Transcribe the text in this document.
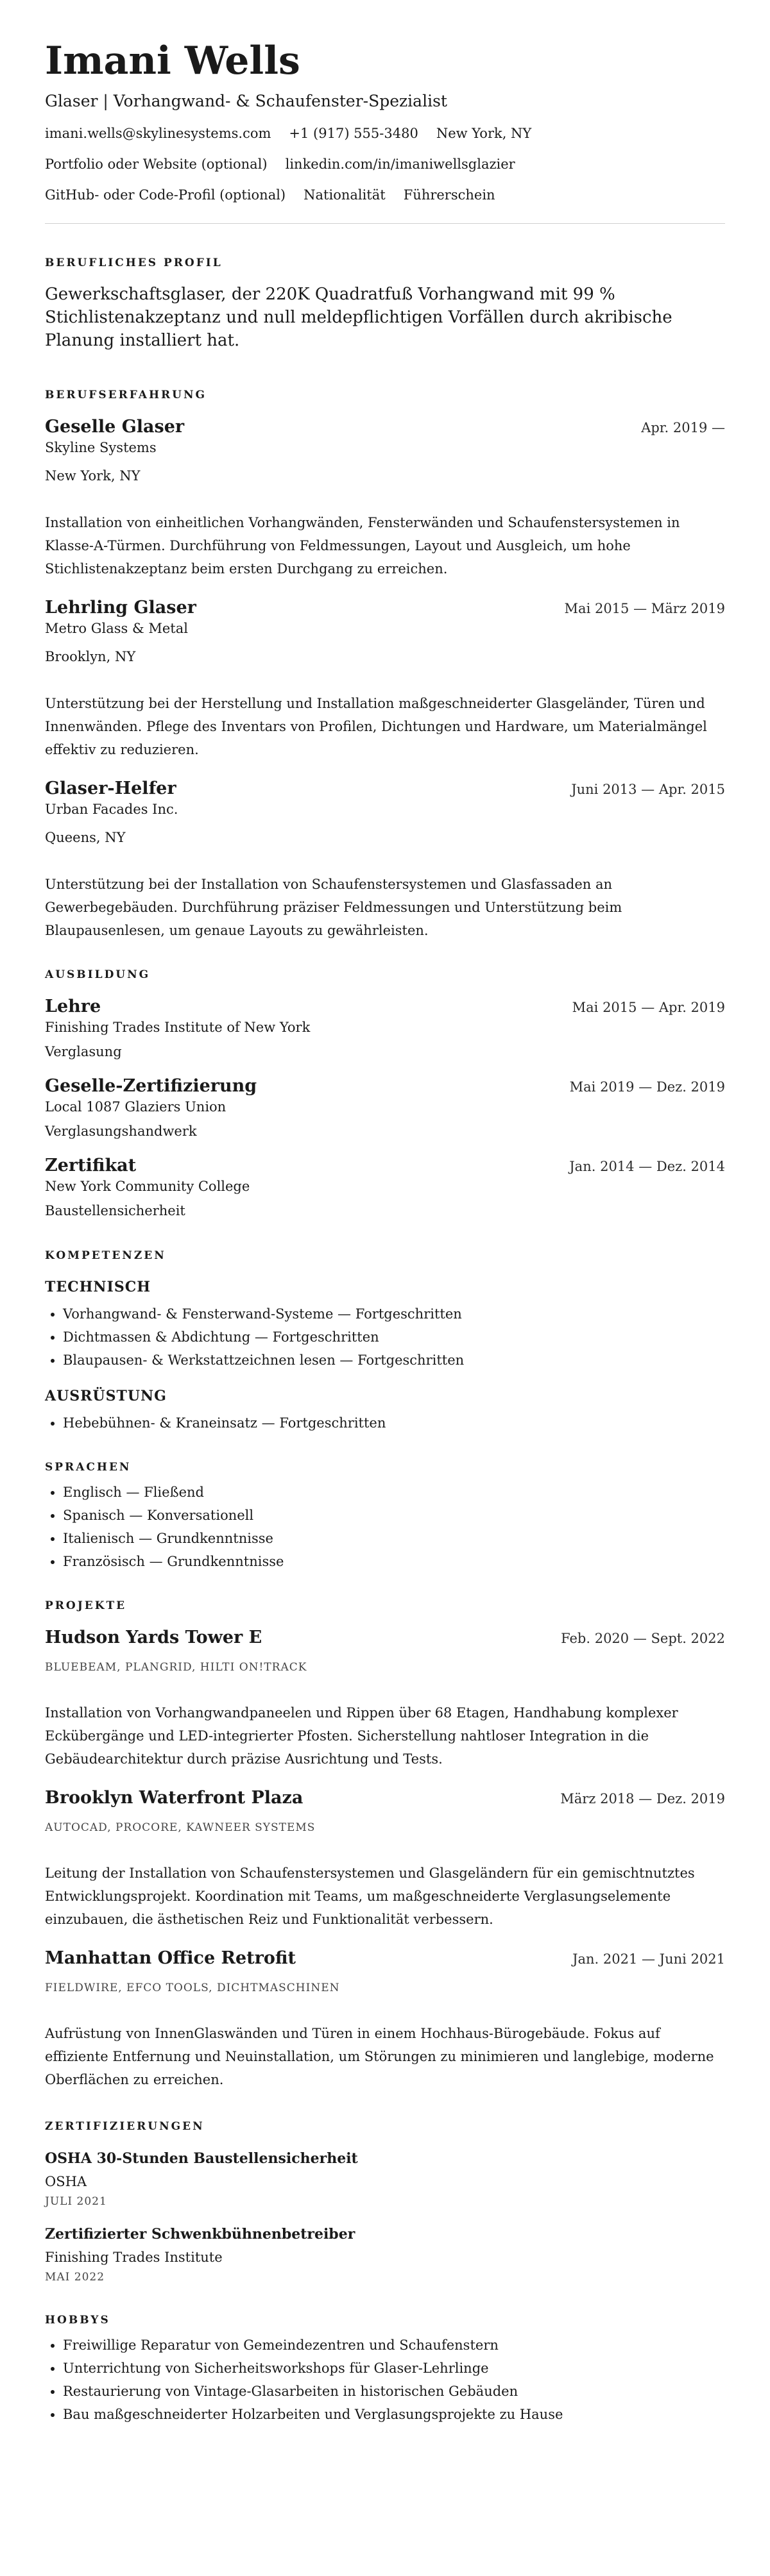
Imani Wells
Glaser | Vorhangwand- & Schaufenster-Spezialist
imani.wells@skylinesystems.com +1 (917) 555-3480 New York, NY
Portfolio oder Website (optional) linkedin.com/in/imaniwellsglazier
GitHub- oder Code-Profil (optional) Nationalität Führerschein
BERUFLICHES PROFIL
Gewerkschaftsglaser, der 220K Quadratfuß Vorhangwand mit 99 % Stichlistenakzeptanz und null meldepflichtigen Vorfällen durch akribische Planung installiert hat.
BERUFSERFAHRUNG
Geselle Glaser	Apr. 2019 —
Skyline Systems
New York, NY
Installation von einheitlichen Vorhangwänden, Fensterwänden und Schaufenstersystemen in Klasse-A-Türmen. Durchführung von Feldmessungen, Layout und Ausgleich, um hohe Stichlistenakzeptanz beim ersten Durchgang zu erreichen.
Lehrling Glaser	Mai 2015 — März 2019
Metro Glass & Metal
Brooklyn, NY
Unterstützung bei der Herstellung und Installation maßgeschneiderter Glasgeländer, Türen und Innenwänden. Pflege des Inventars von Profilen, Dichtungen und Hardware, um Materialmängel effektiv zu reduzieren.
Glaser-Helfer	Juni 2013 — Apr. 2015
Urban Facades Inc.
Queens, NY
Unterstützung bei der Installation von Schaufenstersystemen und Glasfassaden an Gewerbegebäuden. Durchführung präziser Feldmessungen und Unterstützung beim Blaupausenlesen, um genaue Layouts zu gewährleisten.
AUSBILDUNG
Lehre	Mai 2015 — Apr. 2019
Finishing Trades Institute of New York
Verglasung
Geselle-Zertifizierung	Mai 2019 — Dez. 2019
Local 1087 Glaziers Union
Verglasungshandwerk
Zertifikat	Jan. 2014 — Dez. 2014
New York Community College
Baustellensicherheit
KOMPETENZEN
TECHNISCH
• Vorhangwand- & Fensterwand-Systeme — Fortgeschritten
• Dichtmassen & Abdichtung — Fortgeschritten
• Blaupausen- & Werkstattzeichnen lesen — Fortgeschritten
AUSRÜSTUNG
• Hebebühnen- & Kraneinsatz — Fortgeschritten
SPRACHEN
• Englisch — Fließend
• Spanisch — Konversationell
• Italienisch — Grundkenntnisse
• Französisch — Grundkenntnisse
PROJEKTE
Hudson Yards Tower E	Feb. 2020 — Sept. 2022
BLUEBEAM, PLANGRID, HILTI ON!TRACK
Installation von Vorhangwandpaneelen und Rippen über 68 Etagen, Handhabung komplexer Eckübergänge und LED-integrierter Pfosten. Sicherstellung nahtloser Integration in die Gebäudearchitektur durch präzise Ausrichtung und Tests.
Brooklyn Waterfront Plaza	März 2018 — Dez. 2019
AUTOCAD, PROCORE, KAWNEER SYSTEMS
Leitung der Installation von Schaufenstersystemen und Glasgeländern für ein gemischtnutztes Entwicklungsprojekt. Koordination mit Teams, um maßgeschneiderte Verglasungselemente einzubauen, die ästhetischen Reiz und Funktionalität verbessern.
Manhattan Office Retrofit	Jan. 2021 — Juni 2021
FIELDWIRE, EFCO TOOLS, DICHTMASCHINEN
Aufrüstung von InnenGlaswänden und Türen in einem Hochhaus-Bürogebäude. Fokus auf effiziente Entfernung und Neuinstallation, um Störungen zu minimieren und langlebige, moderne Oberflächen zu erreichen.
ZERTIFIZIERUNGEN
OSHA 30-Stunden Baustellensicherheit
OSHA
JULI 2021
Zertifizierter Schwenkbühnenbetreiber
Finishing Trades Institute
MAI 2022
HOBBYS
• Freiwillige Reparatur von Gemeindezentren und Schaufenstern
• Unterrichtung von Sicherheitsworkshops für Glaser-Lehrlinge
• Restaurierung von Vintage-Glasarbeiten in historischen Gebäuden
• Bau maßgeschneiderter Holzarbeiten und Verglasungsprojekte zu Hause
